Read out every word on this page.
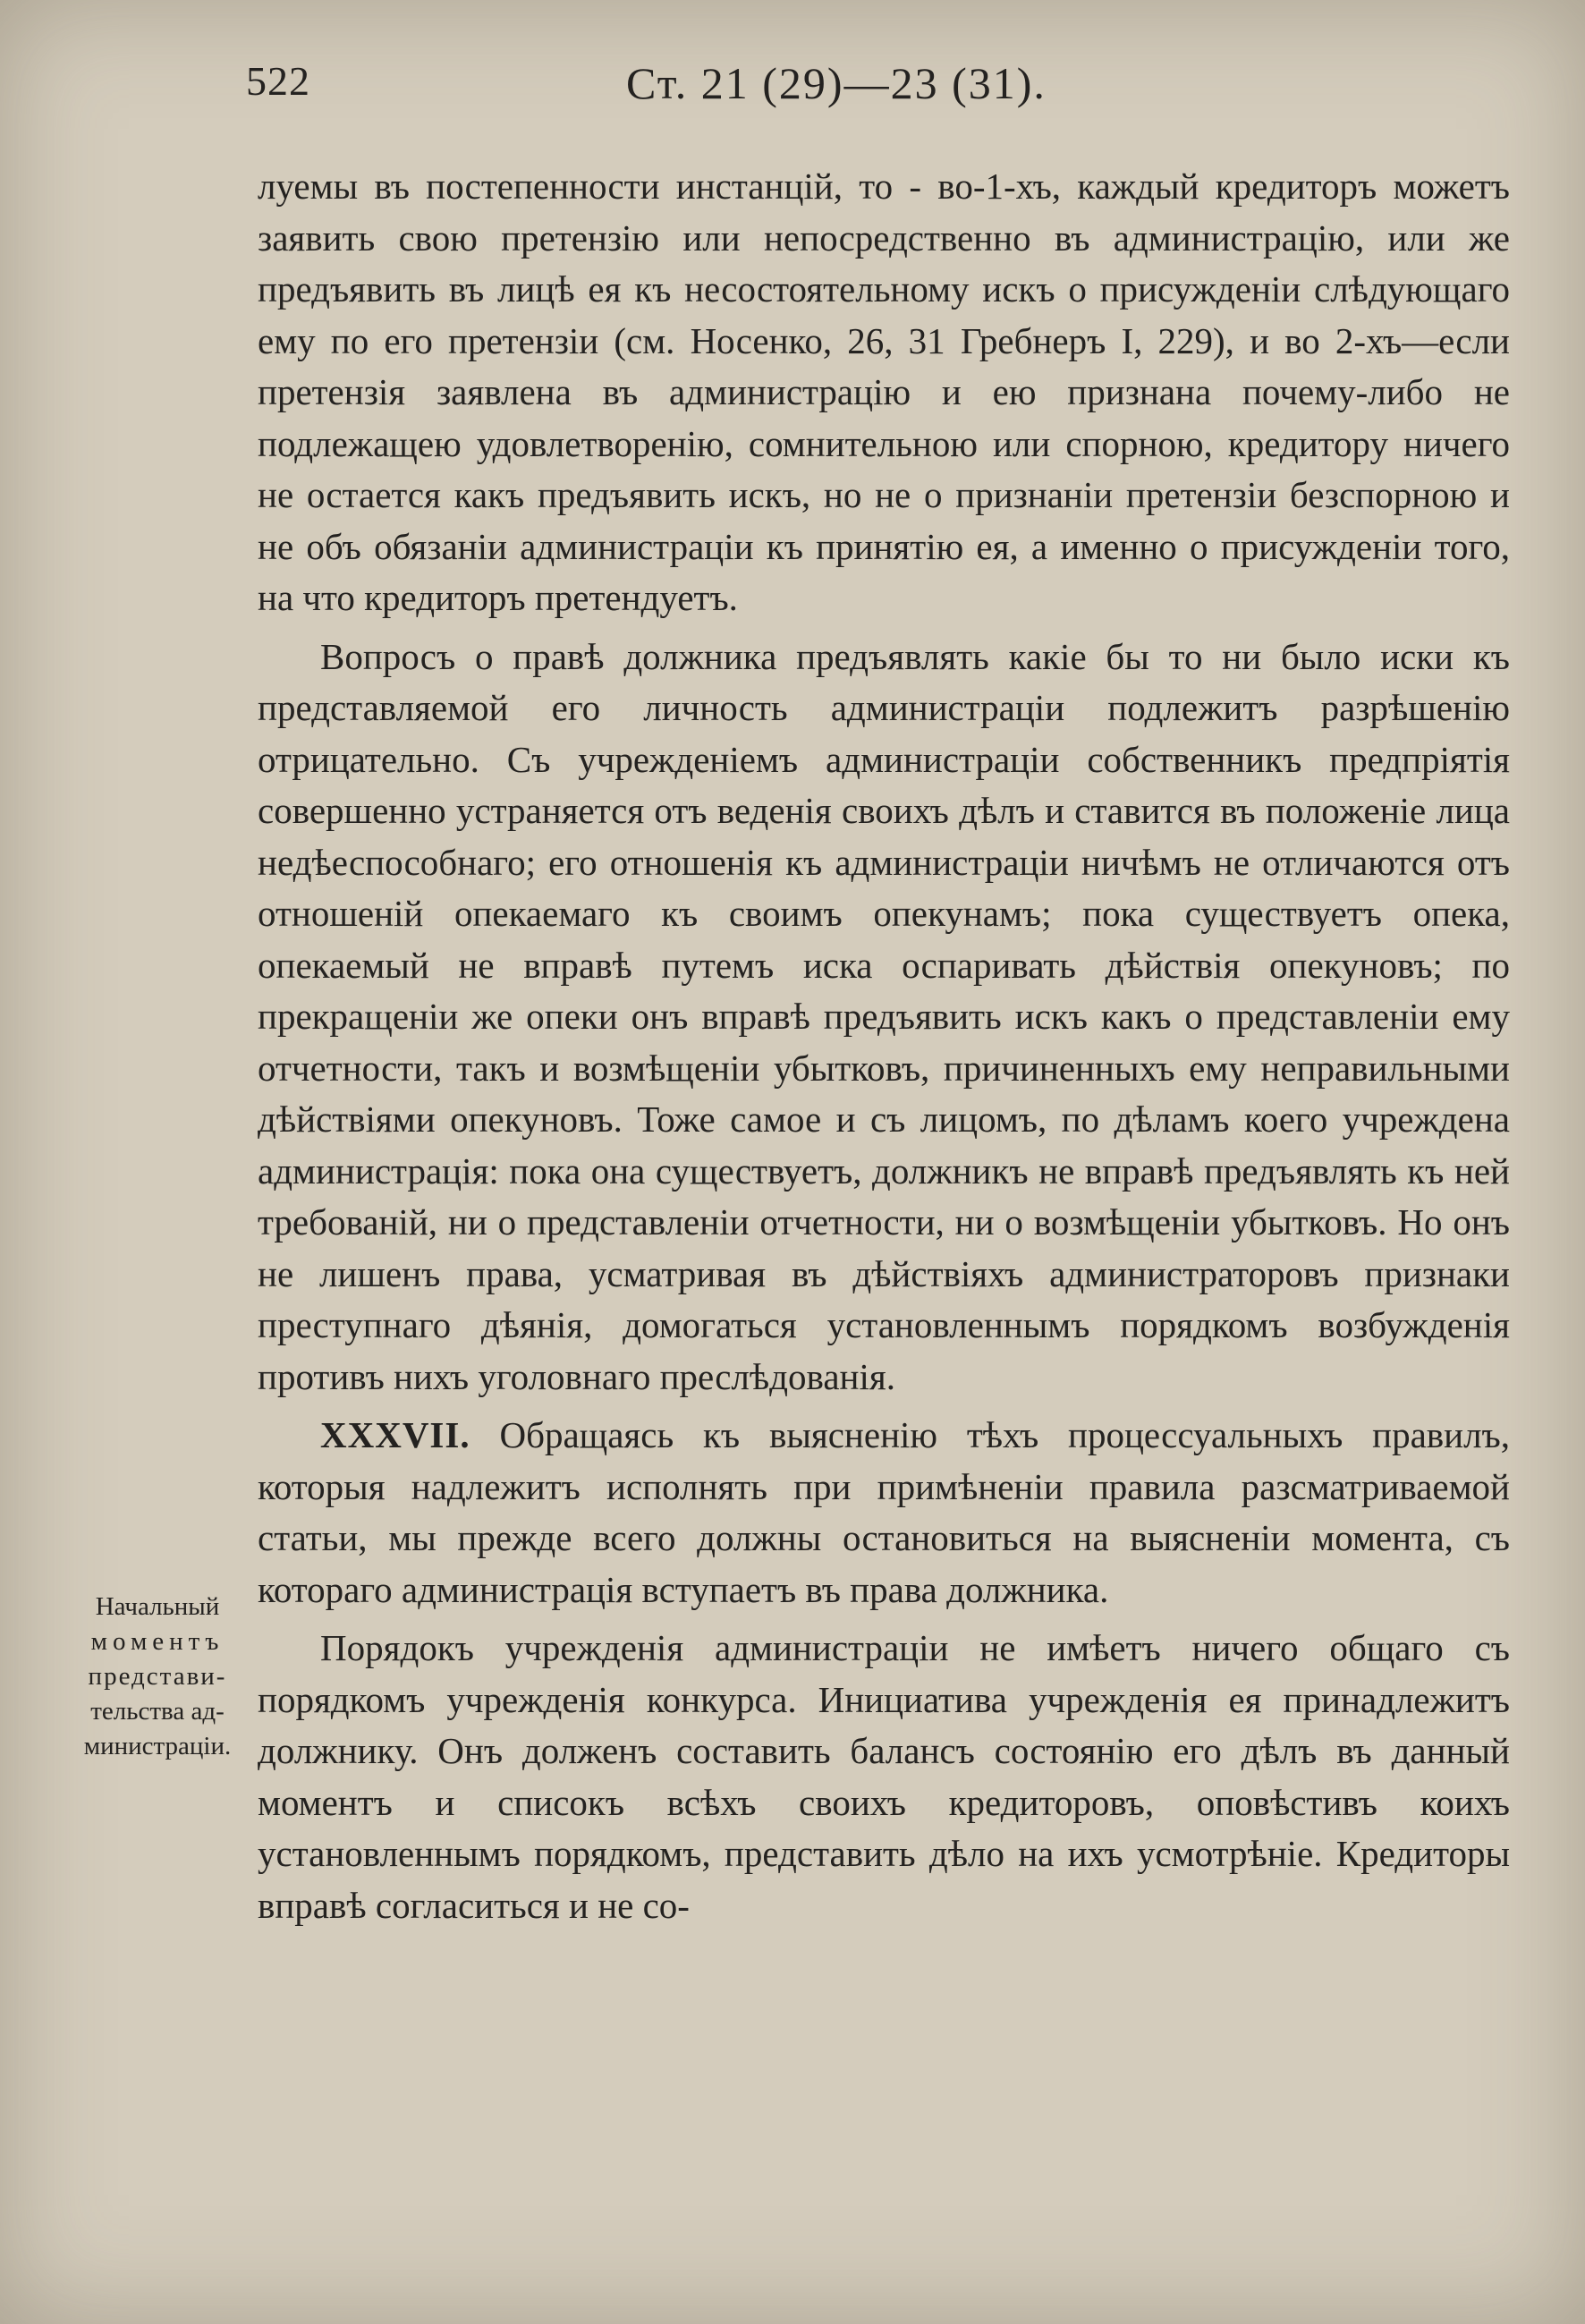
522	Ст. 21 (29)—23 (31).

луемы въ постепенности инстанцій, то - во-1-хъ, каждый кредиторъ можетъ заявить свою претензію или непосредственно въ администрацію, или же предъявить въ лицѣ ея къ несостоятельному искъ о присужденіи слѣдующаго ему по его претензіи (см. Носенко, 26, 31 Гребнеръ I, 229), и во 2-хъ—если претензія заявлена въ администрацію и ею признана почему-либо не подлежащею удовлетворенію, сомнительною или спорною, кредитору ничего не остается какъ предъявить искъ, но не о признаніи претензіи безспорною и не объ обязаніи администраціи къ принятію ея, а именно о присужденіи того, на что кредиторъ претендуетъ.

Вопросъ о правѣ должника предъявлять какіе бы то ни было иски къ представляемой его личность администраціи подлежитъ разрѣшенію отрицательно. Съ учрежденіемъ администраціи собственникъ предпріятія совершенно устраняется отъ веденія своихъ дѣлъ и ставится въ положеніе лица недѣеспособнаго; его отношенія къ администраціи ничѣмъ не отличаются отъ отношеній опекаемаго къ своимъ опекунамъ; пока существуетъ опека, опекаемый не вправѣ путемъ иска оспаривать дѣйствія опекуновъ; по прекращеніи же опеки онъ вправѣ предъявить искъ какъ о представленіи ему отчетности, такъ и возмѣщеніи убытковъ, причиненныхъ ему неправильными дѣйствіями опекуновъ. Тоже самое и съ лицомъ, по дѣламъ коего учреждена администрація: пока она существуетъ, должникъ не вправѣ предъявлять къ ней требованій, ни о представленіи отчетности, ни о возмѣщеніи убытковъ. Но онъ не лишенъ права, усматривая въ дѣйствіяхъ администраторовъ признаки преступнаго дѣянія, домогаться установленнымъ порядкомъ возбужденія противъ нихъ уголовнаго преслѣдованія.

XXXVII. Обращаясь къ выясненію тѣхъ процессуальныхъ правилъ, которыя надлежитъ исполнять при примѣненіи правила разсматриваемой статьи, мы прежде всего должны остановиться на выясненіи момента, съ котораго администрація вступаетъ въ права должника.

Порядокъ учрежденія администраціи не имѣетъ ничего общаго съ порядкомъ учрежденія конкурса. Инициатива учрежденія ея принадлежитъ должнику. Онъ долженъ составить балансъ состоянію его дѣлъ въ данный моментъ и списокъ всѣхъ своихъ кредиторовъ, оповѣстивъ коихъ установленнымъ порядкомъ, представить дѣло на ихъ усмотрѣніе. Кредиторы вправѣ согласиться и не со-

Начальный
моментъ
представи-
тельства ад-
министраціи.
